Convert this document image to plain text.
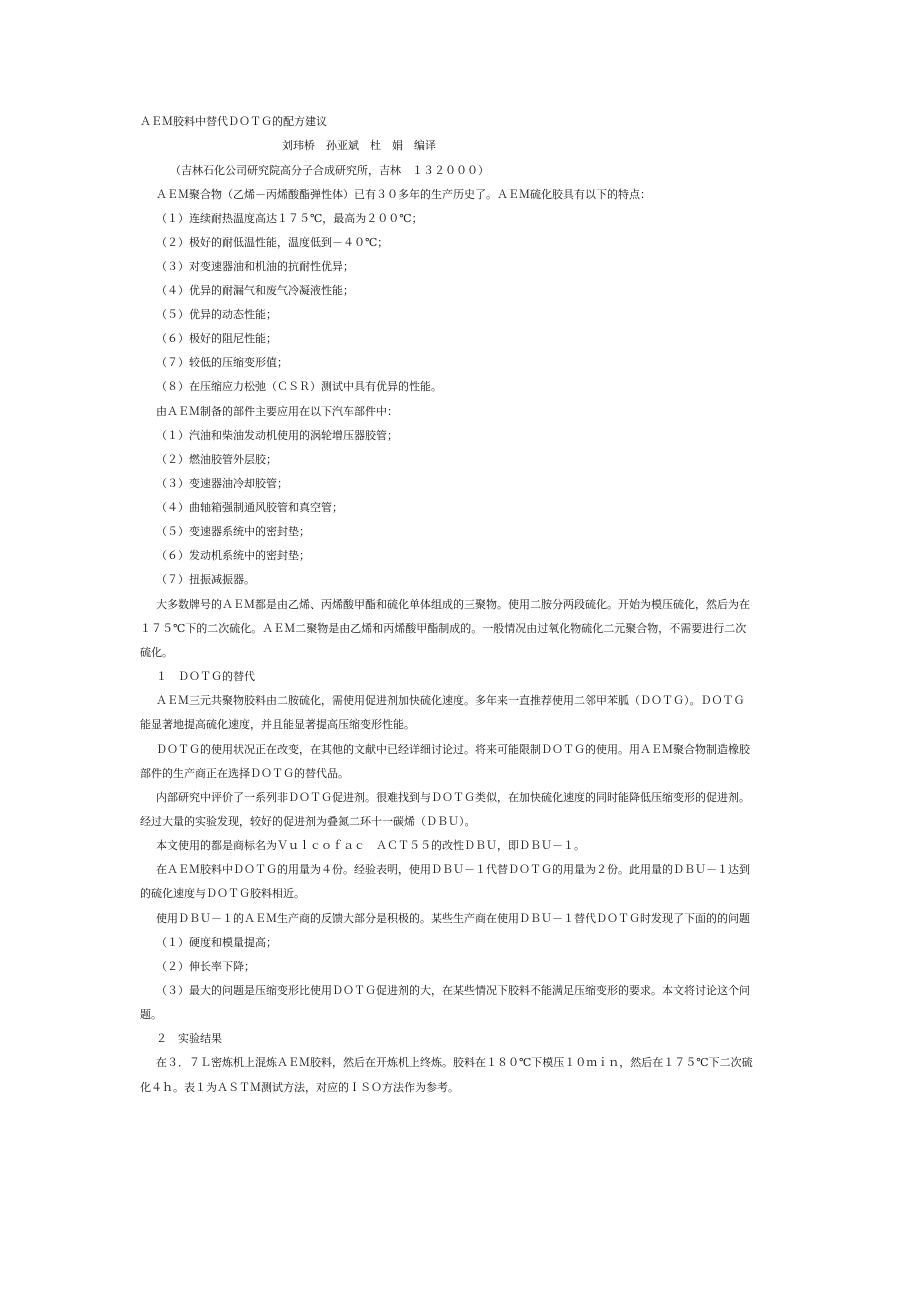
ＡＥＭ胶料中替代ＤＯＴＧ的配方建议
刘玮桥　孙亚斌　杜　娟　编译
（吉林石化公司研究院高分子合成研究所，吉林　１３２０００）
ＡＥＭ聚合物（乙烯－丙烯酸酯弹性体）已有３０多年的生产历史了。ＡＥＭ硫化胶具有以下的特点：
（１）连续耐热温度高达１７５℃，最高为２００℃；
（２）极好的耐低温性能，温度低到－４０℃；
（３）对变速器油和机油的抗耐性优异；
（４）优异的耐漏气和废气冷凝液性能；
（５）优异的动态性能；
（６）极好的阻尼性能；
（７）较低的压缩变形值；
（８）在压缩应力松弛（ＣＳＲ）测试中具有优异的性能。
由ＡＥＭ制备的部件主要应用在以下汽车部件中：
（１）汽油和柴油发动机使用的涡轮增压器胶管；
（２）燃油胶管外层胶；
（３）变速器油冷却胶管；
（４）曲轴箱强制通风胶管和真空管；
（５）变速器系统中的密封垫；
（６）发动机系统中的密封垫；
（７）扭振减振器。
大多数牌号的ＡＥＭ都是由乙烯、丙烯酸甲酯和硫化单体组成的三聚物。使用二胺分两段硫化。开始为模压硫化，然后为在
１７５℃下的二次硫化。ＡＥＭ二聚物是由乙烯和丙烯酸甲酯制成的。一般情况由过氧化物硫化二元聚合物，不需要进行二次
硫化。
１　ＤＯＴＧ的替代
ＡＥＭ三元共聚物胶料由二胺硫化，需使用促进剂加快硫化速度。多年来一直推荐使用二邻甲苯胍（ＤＯＴＧ）。ＤＯＴＧ
能显著地提高硫化速度，并且能显著提高压缩变形性能。
ＤＯＴＧ的使用状况正在改变，在其他的文献中已经详细讨论过。将来可能限制ＤＯＴＧ的使用。用ＡＥＭ聚合物制造橡胶
部件的生产商正在选择ＤＯＴＧ的替代品。
内部研究中评价了一系列非ＤＯＴＧ促进剂。很难找到与ＤＯＴＧ类似，在加快硫化速度的同时能降低压缩变形的促进剂。
经过大量的实验发现，较好的促进剂为叠氮二环十一碳烯（ＤＢＵ）。
本文使用的都是商标名为Ｖｕｌｃｏｆａｃ　ＡＣＴ５５的改性ＤＢＵ，即ＤＢＵ－１。
在ＡＥＭ胶料中ＤＯＴＧ的用量为４份。经验表明，使用ＤＢＵ－１代替ＤＯＴＧ的用量为２份。此用量的ＤＢＵ－１达到
的硫化速度与ＤＯＴＧ胶料相近。
使用ＤＢＵ－１的ＡＥＭ生产商的反馈大部分是积极的。某些生产商在使用ＤＢＵ－１替代ＤＯＴＧ时发现了下面的的问题
（１）硬度和模量提高；
（２）伸长率下降；
（３）最大的问题是压缩变形比使用ＤＯＴＧ促进剂的大，在某些情况下胶料不能满足压缩变形的要求。本文将讨论这个问
题。
２　实验结果
在３．７Ｌ密炼机上混炼ＡＥＭ胶料，然后在开炼机上终炼。胶料在１８０℃下模压１０ｍｉｎ，然后在１７５℃下二次硫
化４ｈ。表１为ＡＳＴＭ测试方法，对应的ＩＳＯ方法作为参考。
